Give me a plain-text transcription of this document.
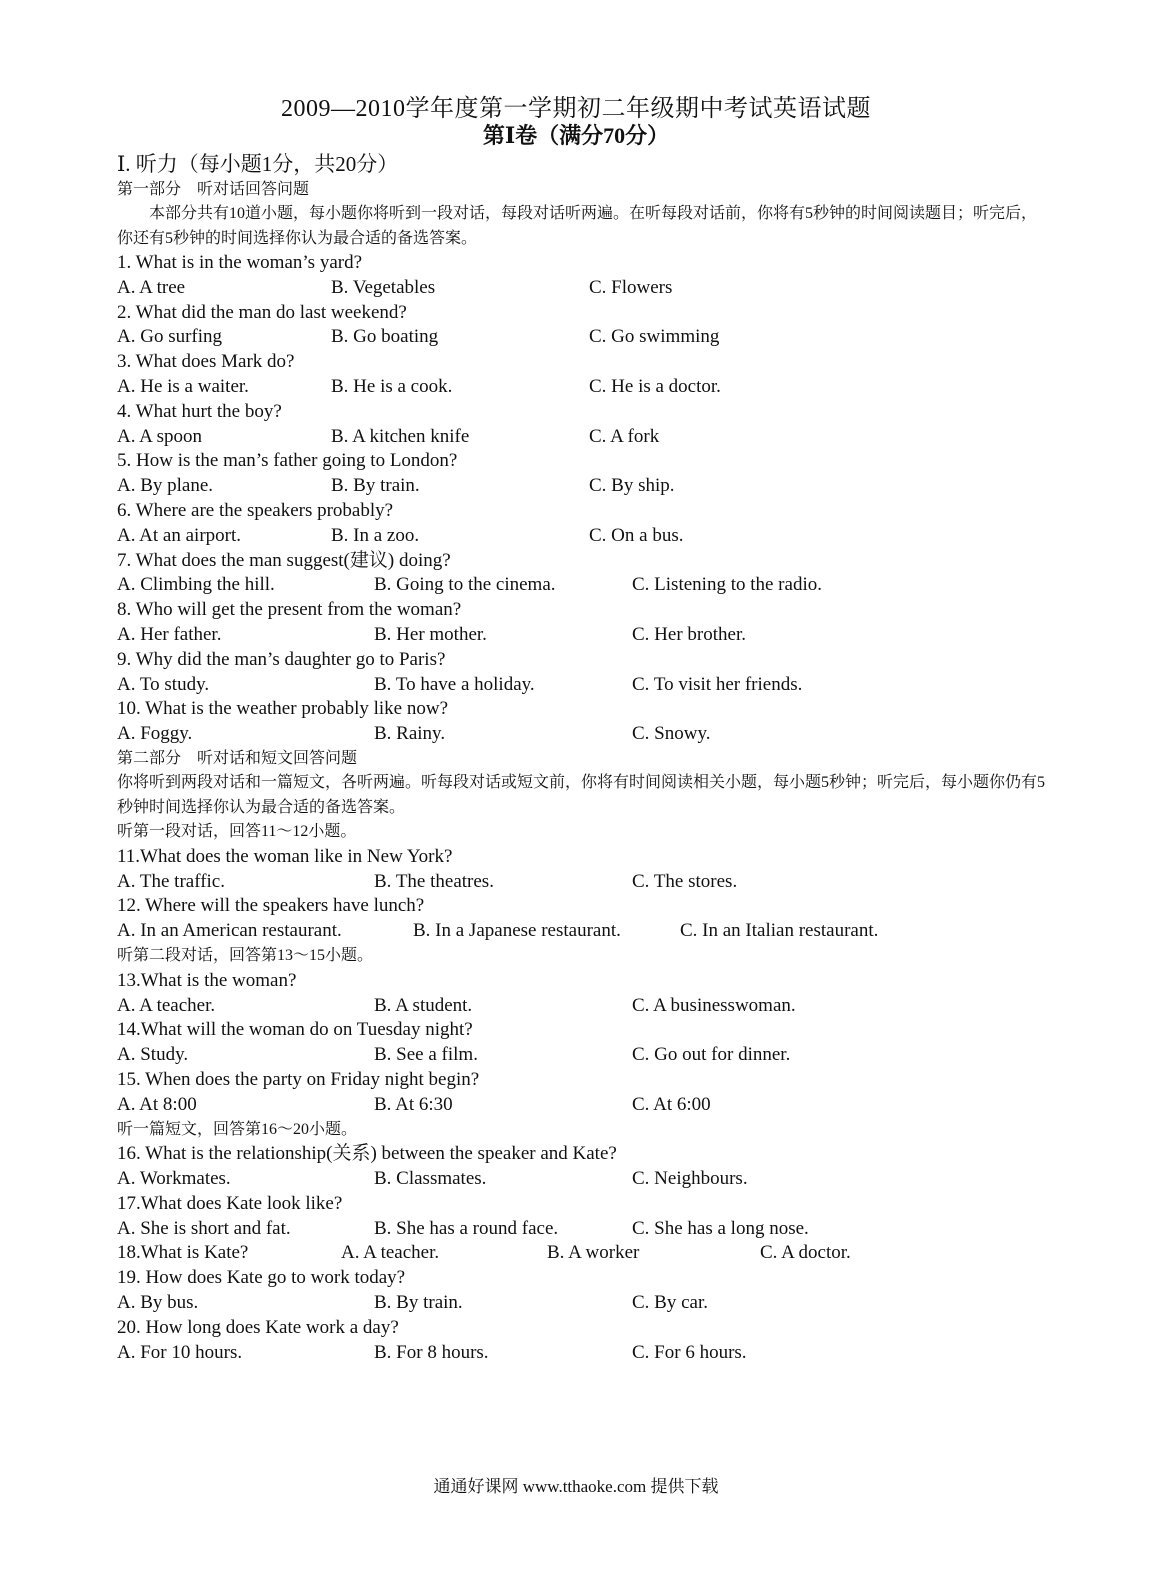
2009—2010学年度第一学期初二年级期中考试英语试题
第Ⅰ卷（满分70分）
Ⅰ. 听力（每小题1分，共20分）
第一部分　听对话回答问题
本部分共有10道小题，每小题你将听到一段对话，每段对话听两遍。在听每段对话前，你将有5秒钟的时间阅读题目；听完后，你还有5秒钟的时间选择你认为最合适的备选答案。
1. What is in the woman’s yard?
A. A tree	B. Vegetables	C. Flowers
2. What did the man do last weekend?
A. Go surfing	B. Go boating	C. Go swimming
3. What does Mark do?
A. He is a waiter.	B. He is a cook.	C. He is a doctor.
4. What hurt the boy?
A. A spoon	B. A kitchen knife	C. A fork
5. How is the man’s father going to London?
A. By plane.	B. By train.	C. By ship.
6. Where are the speakers probably?
A. At an airport.	B. In a zoo.	C. On a bus.
7. What does the man suggest(建议) doing?
A. Climbing the hill.	B. Going to the cinema.	C. Listening to the radio.
8. Who will get the present from the woman?
A. Her father.	B. Her mother.	C. Her brother.
9. Why did the man’s daughter go to Paris?
A. To study.	B. To have a holiday.	C. To visit her friends.
10. What is the weather probably like now?
A. Foggy.	B. Rainy.	C. Snowy.
第二部分　听对话和短文回答问题
你将听到两段对话和一篇短文，各听两遍。听每段对话或短文前，你将有时间阅读相关小题，每小题5秒钟；听完后，每小题你仍有5秒钟时间选择你认为最合适的备选答案。
听第一段对话，回答11～12小题。
11.What does the woman like in New York?
A. The traffic.	B. The theatres.	C. The stores.
12. Where will the speakers have lunch?
A. In an American restaurant.	B. In a Japanese restaurant.	C. In an Italian restaurant.
听第二段对话，回答第13～15小题。
13.What is the woman?
A. A teacher.	B. A student.	C. A businesswoman.
14.What will the woman do on Tuesday night?
A. Study.	B. See a film.	C. Go out for dinner.
15. When does the party on Friday night begin?
A. At 8:00	B. At 6:30	C. At 6:00
听一篇短文，回答第16～20小题。
16. What is the relationship(关系) between the speaker and Kate?
A. Workmates.	B. Classmates.	C. Neighbours.
17.What does Kate look like?
A. She is short and fat.	B. She has a round face.	C. She has a long nose.
18.What is Kate?	A. A teacher.	B. A worker	C. A doctor.
19. How does Kate go to work today?
A. By bus.	B. By train.	C. By car.
20. How long does Kate work a day?
A. For 10 hours.	B. For 8 hours.	C. For 6 hours.
通通好课网 www.tthaoke.com 提供下载
